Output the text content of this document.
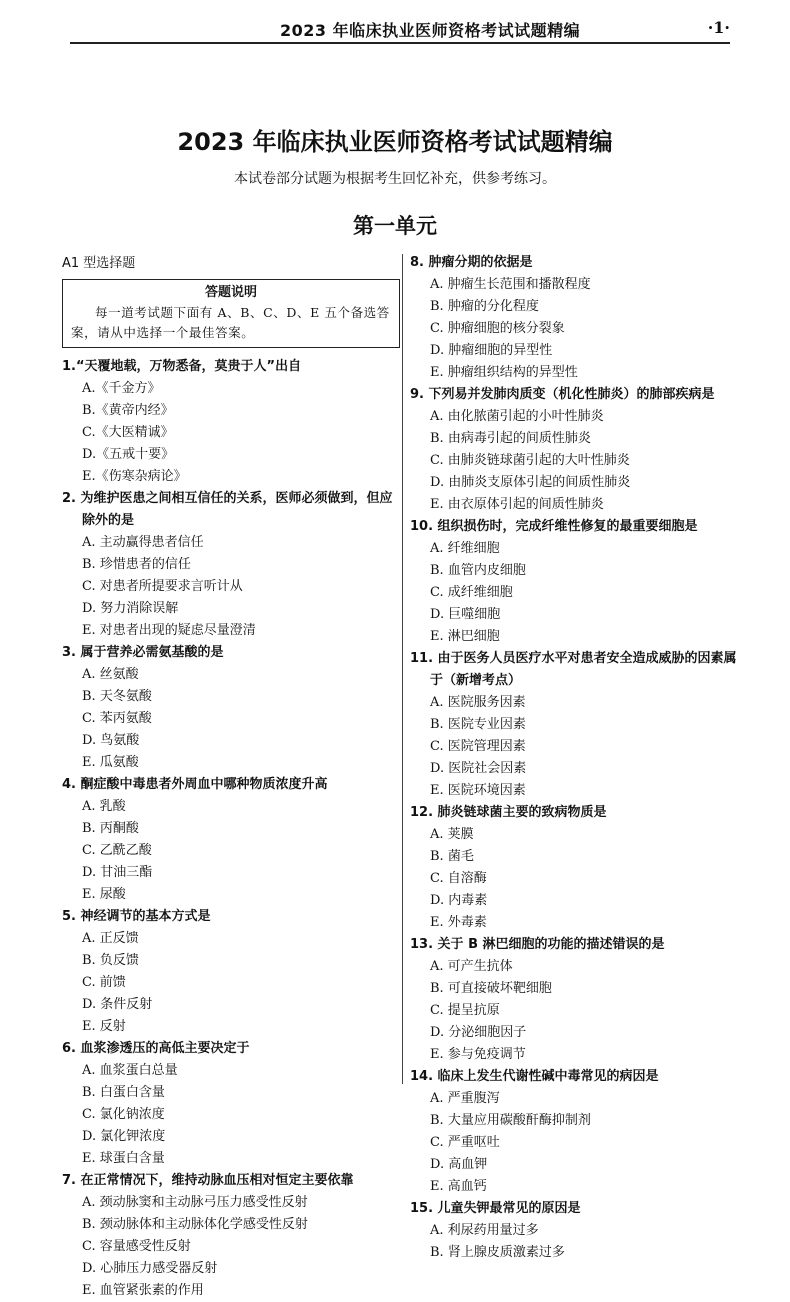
2023 年临床执业医师资格考试试题精编	·1·
2023 年临床执业医师资格考试试题精编
本试卷部分试题为根据考生回忆补充，供参考练习。
第一单元
A1 型选择题
答题说明
每一道考试题下面有 A、B、C、D、E 五个备选答案，请从中选择一个最佳答案。
1.“天覆地载，万物悉备，莫贵于人”出自
A.《千金方》B.《黄帝内经》C.《大医精诚》D.《五戒十要》
E.《伤寒杂病论》
2. 为维护医患之间相互信任的关系，医师必须做到，但应除外的是
A. 主动赢得患者信任
B. 珍惜患者的信任
C. 对患者所提要求言听计从
D. 努力消除误解
E. 对患者出现的疑虑尽量澄清
3. 属于营养必需氨基酸的是
A. 丝氨酸B. 天冬氨酸C. 苯丙氨酸D. 鸟氨酸
E. 瓜氨酸
4. 酮症酸中毒患者外周血中哪种物质浓度升高
A. 乳酸B. 丙酮酸C. 乙酰乙酸D. 甘油三酯
E. 尿酸
5. 神经调节的基本方式是
A. 正反馈B. 负反馈C. 前馈D. 条件反射
E. 反射
6. 血浆渗透压的高低主要决定于
A. 血浆蛋白总量B. 白蛋白含量C. 氯化钠浓度D. 氯化钾浓度
E. 球蛋白含量
7. 在正常情况下，维持动脉血压相对恒定主要依靠
A. 颈动脉窦和主动脉弓压力感受性反射
B. 颈动脉体和主动脉体化学感受性反射
C. 容量感受性反射
D. 心肺压力感受器反射
E. 血管紧张素的作用
8. 肿瘤分期的依据是
A. 肿瘤生长范围和播散程度
B. 肿瘤的分化程度
C. 肿瘤细胞的核分裂象
D. 肿瘤细胞的异型性
E. 肿瘤组织结构的异型性
9. 下列易并发肺肉质变（机化性肺炎）的肺部疾病是
A. 由化脓菌引起的小叶性肺炎
B. 由病毒引起的间质性肺炎
C. 由肺炎链球菌引起的大叶性肺炎
D. 由肺炎支原体引起的间质性肺炎
E. 由衣原体引起的间质性肺炎
10. 组织损伤时，完成纤维性修复的最重要细胞是
A. 纤维细胞B. 血管内皮细胞C. 成纤维细胞D. 巨噬细胞
E. 淋巴细胞
11. 由于医务人员医疗水平对患者安全造成威胁的因素属于（新增考点）
A. 医院服务因素B. 医院专业因素C. 医院管理因素D. 医院社会因素
E. 医院环境因素
12. 肺炎链球菌主要的致病物质是
A. 荚膜B. 菌毛C. 自溶酶D. 内毒素
E. 外毒素
13. 关于 B 淋巴细胞的功能的描述错误的是
A. 可产生抗体B. 可直接破坏靶细胞C. 提呈抗原D. 分泌细胞因子
E. 参与免疫调节
14. 临床上发生代谢性碱中毒常见的病因是
A. 严重腹泻
B. 大量应用碳酸酐酶抑制剂
C. 严重呕吐
D. 高血钾
E. 高血钙
15. 儿童失钾最常见的原因是
A. 利尿药用量过多B. 肾上腺皮质激素过多
